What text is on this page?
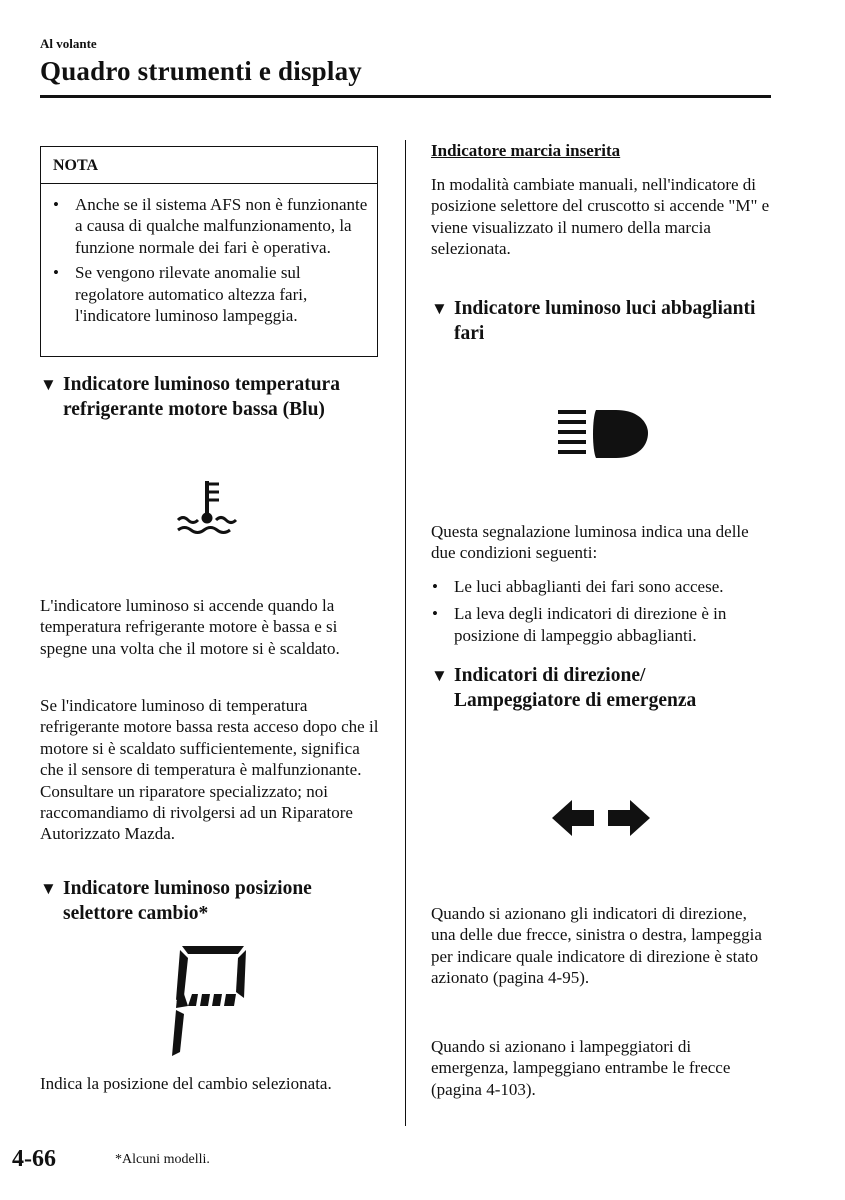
Al volante
Quadro strumenti e display
NOTA
• Anche se il sistema AFS non è funzionante a causa di qualche malfunzionamento, la funzione normale dei fari è operativa.
• Se vengono rilevate anomalie sul regolatore automatico altezza fari, l'indicatore luminoso lampeggia.
▼ Indicatore luminoso temperatura refrigerante motore bassa (Blu)
L'indicatore luminoso si accende quando la temperatura refrigerante motore è bassa e si spegne una volta che il motore si è scaldato.
Se l'indicatore luminoso di temperatura refrigerante motore bassa resta acceso dopo che il motore si è scaldato sufficientemente, significa che il sensore di temperatura è malfunzionante. Consultare un riparatore specializzato; noi raccomandiamo di rivolgersi ad un Riparatore Autorizzato Mazda.
▼ Indicatore luminoso posizione selettore cambio*
Indica la posizione del cambio selezionata.
Indicatore marcia inserita
In modalità cambiate manuali, nell'indicatore di posizione selettore del cruscotto si accende "M" e viene visualizzato il numero della marcia selezionata.
▼ Indicatore luminoso luci abbaglianti fari
Questa segnalazione luminosa indica una delle due condizioni seguenti:
• Le luci abbaglianti dei fari sono accese.
• La leva degli indicatori di direzione è in posizione di lampeggio abbaglianti.
▼ Indicatori di direzione/ Lampeggiatore di emergenza
Quando si azionano gli indicatori di direzione, una delle due frecce, sinistra o destra, lampeggia per indicare quale indicatore di direzione è stato azionato (pagina 4-95).
Quando si azionano i lampeggiatori di emergenza, lampeggiano entrambe le frecce (pagina 4-103).
4-66	*Alcuni modelli.
